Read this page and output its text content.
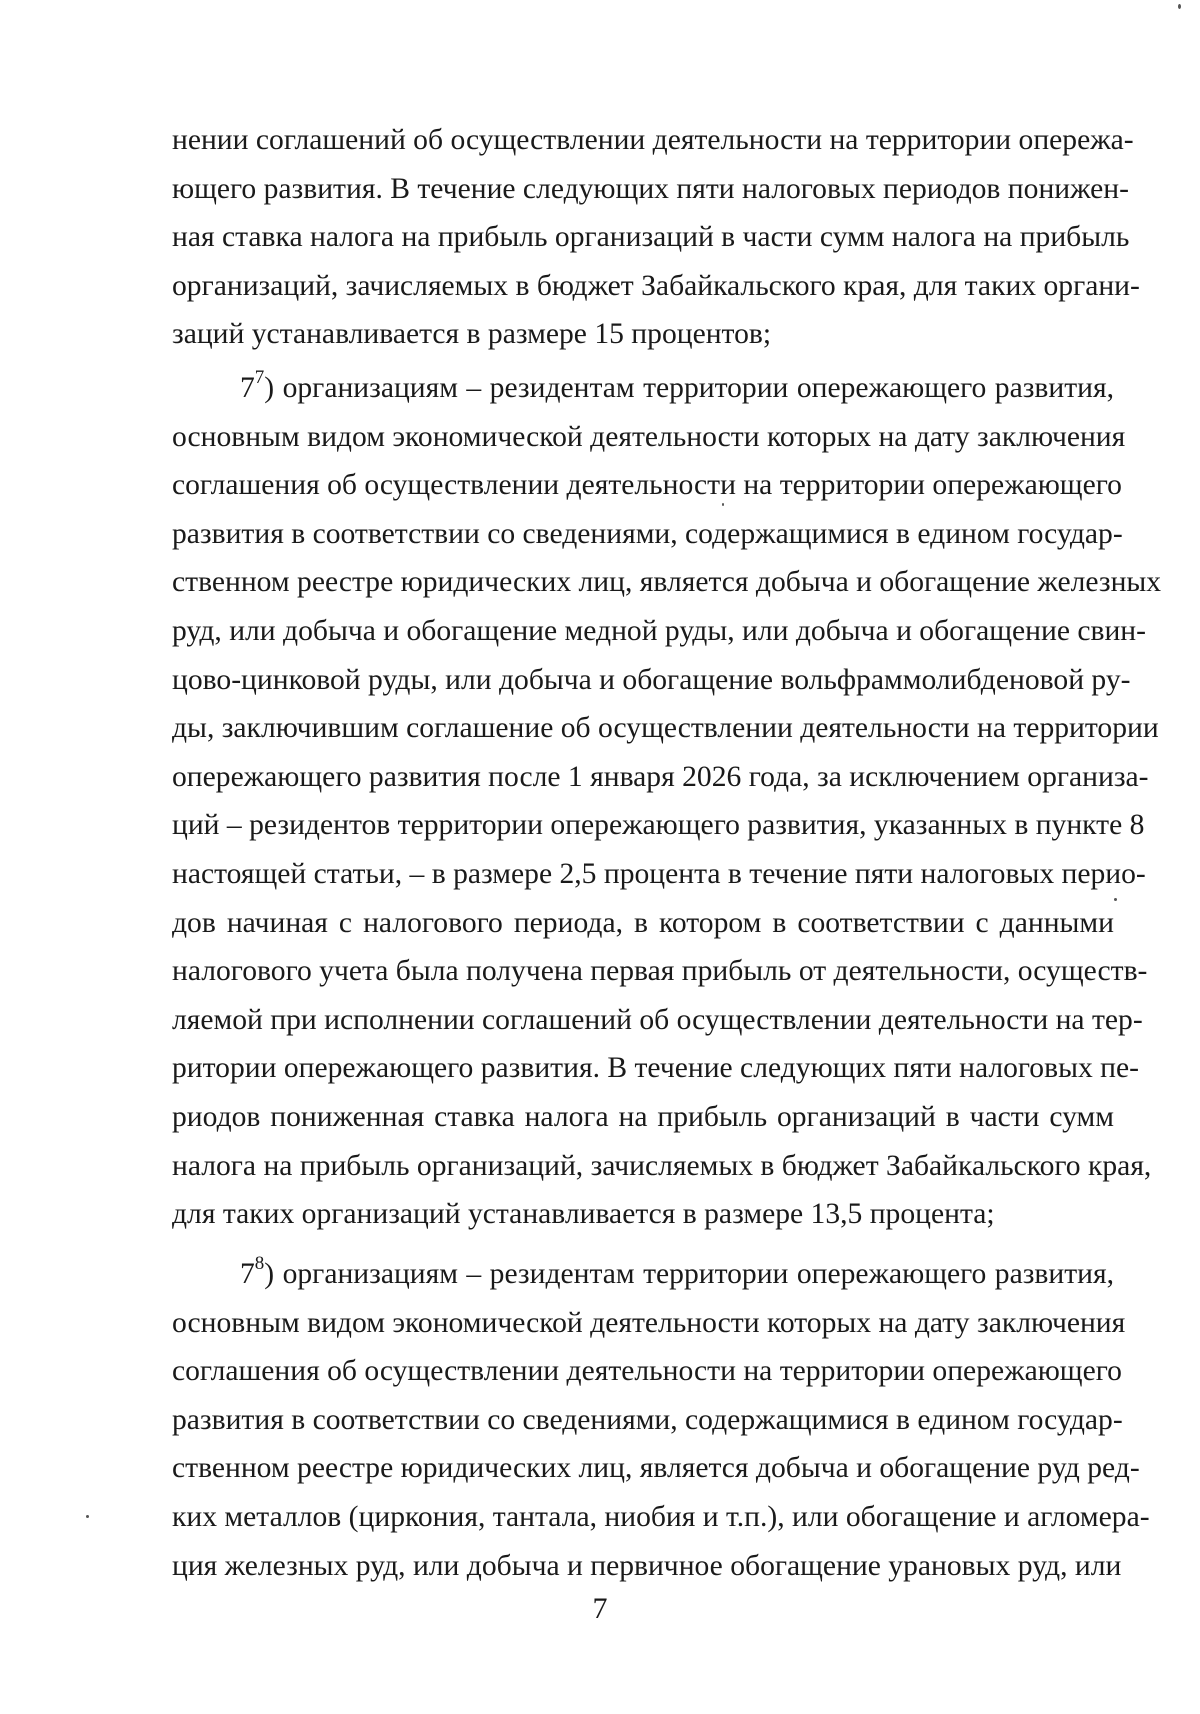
нении соглашений об осуществлении деятельности на территории опережа-
ющего развития. В течение следующих пяти налоговых периодов понижен-
ная ставка налога на прибыль организаций в части сумм налога на прибыль
организаций, зачисляемых в бюджет Забайкальского края, для таких органи-
заций устанавливается в размере 15 процентов;

$7^7$) организациям – резидентам территории опережающего развития,
основным видом экономической деятельности которых на дату заключения
соглашения об осуществлении деятельности на территории опережающего
развития в соответствии со сведениями, содержащимися в едином государ-
ственном реестре юридических лиц, является добыча и обогащение железных
руд, или добыча и обогащение медной руды, или добыча и обогащение свин-
цово-цинковой руды, или добыча и обогащение вольфраммолибденовой ру-
ды, заключившим соглашение об осуществлении деятельности на территории
опережающего развития после 1 января 2026 года, за исключением организа-
ций – резидентов территории опережающего развития, указанных в пункте 8
настоящей статьи, – в размере 2,5 процента в течение пяти налоговых перио-
дов начиная с налогового периода, в котором в соответствии с данными
налогового учета была получена первая прибыль от деятельности, осуществ-
ляемой при исполнении соглашений об осуществлении деятельности на тер-
ритории опережающего развития. В течение следующих пяти налоговых пе-
риодов пониженная ставка налога на прибыль организаций в части сумм
налога на прибыль организаций, зачисляемых в бюджет Забайкальского края,
для таких организаций устанавливается в размере 13,5 процента;

$7^8$) организациям – резидентам территории опережающего развития,
основным видом экономической деятельности которых на дату заключения
соглашения об осуществлении деятельности на территории опережающего
развития в соответствии со сведениями, содержащимися в едином государ-
ственном реестре юридических лиц, является добыча и обогащение руд ред-
ких металлов (циркония, тантала, ниобия и т.п.), или обогащение и агломера-
ция железных руд, или добыча и первичное обогащение урановых руд, или

7
